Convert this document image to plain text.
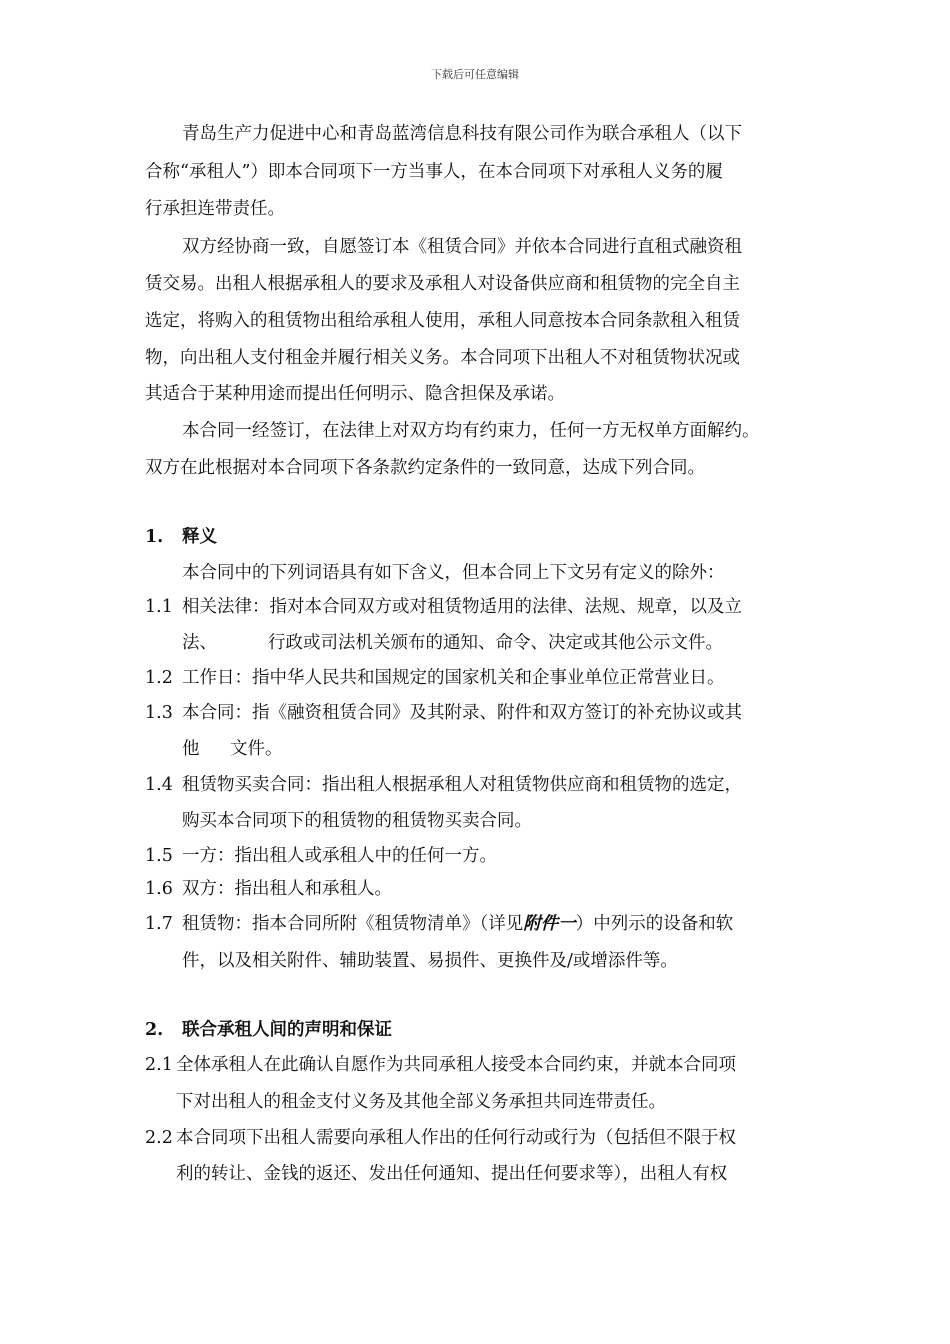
下载后可任意编辑
青岛生产力促进中心和青岛蓝湾信息科技有限公司作为联合承租人（以下
合称“承租人”）即本合同项下一方当事人，在本合同项下对承租人义务的履
行承担连带责任。
双方经协商一致，自愿签订本《租赁合同》并依本合同进行直租式融资租
赁交易。出租人根据承租人的要求及承租人对设备供应商和租赁物的完全自主
选定，将购入的租赁物出租给承租人使用，承租人同意按本合同条款租入租赁
物，向出租人支付租金并履行相关义务。本合同项下出租人不对租赁物状况或
其适合于某种用途而提出任何明示、隐含担保及承诺。
本合同一经签订，在法律上对双方均有约束力，任何一方无权单方面解约。
双方在此根据对本合同项下各条款约定条件的一致同意，达成下列合同。
1. 释义
本合同中的下列词语具有如下含义，但本合同上下文另有定义的除外：
1.1 相关法律：指对本合同双方或对租赁物适用的法律、法规、规章，以及立
法、	行政或司法机关颁布的通知、命令、决定或其他公示文件。
1.2 工作日：指中华人民共和国规定的国家机关和企事业单位正常营业日。
1.3 本合同：指《融资租赁合同》及其附录、附件和双方签订的补充协议或其
他 文件。
1.4 租赁物买卖合同：指出租人根据承租人对租赁物供应商和租赁物的选定，
购买本合同项下的租赁物的租赁物买卖合同。
1.5 一方：指出租人或承租人中的任何一方。
1.6 双方：指出租人和承租人。
1.7 租赁物：指本合同所附《租赁物清单》（详见附件一）中列示的设备和软
件，以及相关附件、辅助装置、易损件、更换件及/或增添件等。
2. 联合承租人间的声明和保证
2.1 全体承租人在此确认自愿作为共同承租人接受本合同约束，并就本合同项
下对出租人的租金支付义务及其他全部义务承担共同连带责任。
2.2 本合同项下出租人需要向承租人作出的任何行动或行为（包括但不限于权
利的转让、金钱的返还、发出任何通知、提出任何要求等），出租人有权
